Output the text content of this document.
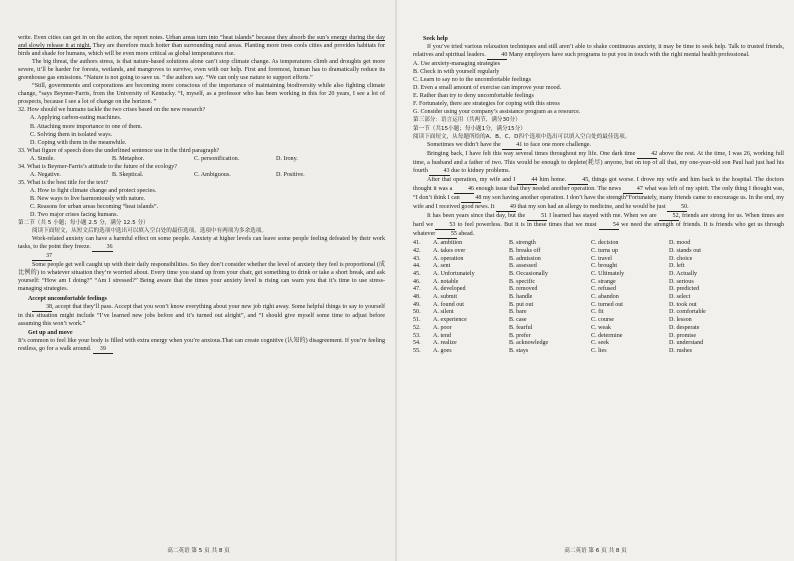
write. Even cities can get in on the action, the report notes. Urban areas turn into “heat islands” because they absorb the sun’s energy during the day and slowly release it at night. They are therefore much hotter than surrounding rural areas. Planting more trees cools cities and provides habitats for birds and shade for humans, which will be even more critical as global temperatures rise.

The big threat, the authors stress, is that nature-based solutions alone can’t stop climate change. As temperatures climb and droughts get more severe, it’ll be harder for forests, wetlands, and mangroves to survive, even with our help. First and foremost, human has to dramatically reduce its greenhouse gas emissions. “Nature is not going to save us. ” the authors say. “We can only use nature to support efforts.”

“Still, governments and corporations are becoming more conscious of the importance of maintaining biodiversity while also fighting climate change, “says Beymer-Farris, from the University of Kentucky. “I, myself, as a professor who has been working in this for 20 years, I see a lot of prospects, because I see a lot of change on the horizon. ”

32. How should we humans tackle the two crises based on the new research?

A. Applying carbon-eating machines.

B. Attaching more importance to one of them.

C. Solving them in isolated ways.

D. Coping with them in the meanwhile.

33. What figure of speech does the underlined sentence use in the third paragraph?

A. Simile.	B. Metaphor.	C. personification.	D. Irony.

34. What is Beymer-Farris’s attitude to the future of the ecology?

A. Negative.	B. Skeptical.	C. Ambiguous.	D. Positive.

35. What is the best title for the text?

A. How to fight climate change and protect species.

B. New ways to live harmoniously with nature.

C. Reasons for urban areas becoming “heat islands”.

D. Two major crises facing humans.

第二节（共 5 小题；每小题 2.5 分，满分 12.5 分）

阅读下面短文，从短文后的选项中选出可以填入空白处的最佳选项。选项中有两项为多余选项。

Work-related anxiety can have a harmful effect on some people. Anxiety at higher levels can leave some people feeling defeated by their work tasks, to the point they freeze.	36

37

Some people get well caught up with their daily responsibilities. So they don’t consider whether the level of anxiety they feel is proportional (成比例的) to whatever situation they’re worried about. Every time you stand up from your chair, get something to drink or take a short break, and ask yourself: “How am I doing?” “Am I stressed?” Being aware that the times your anxiety level is rising can warn you that it’s time to use stress-managing strategies.

Accept uncomfortable feelings

38, accept that they’ll pass. Accept that you won’t know everything about your new job right away. Some helpful things to say to yourself in this situation might include “I’ve learned new jobs before and it’s turned out alright”, and “I should give myself some time to adjust before assuming this won’t work.”

Get up and move

It’s common to feel like your body is filled with extra energy when you’re anxious.That can create cognitive (认知的) disagreement. If you’re feeling restless, go for a walk around. 39

高二英语 第 5 页 共 8 页

Seek help

If you’ve tried various relaxation techniques and still aren’t able to shake continuous anxiety, it may be time to seek help. Talk to trusted friends, relatives and spiritual leaders.	40 Many employers have such programs to put you in touch with the right mental health professional.

A. Use anxiety-managing strategies

B. Check in with yourself regularly

C. Learn to say no to the uncomfortable feelings

D. Even a small amount of exercise can improve your mood.

E. Rather than try to deny uncomfortable feelings

F. Fortunately, there are strategies for coping with this stress

G. Consider using your company’s assistance program as a resource.

第三部分：语言运用（共两节，满分30分）

第一节（共15小题；每小题1分，满分15分）

阅读下面短文，从每题所给的A、B、C、D四个选项中选出可以填入空白处的最佳选项。

Sometimes we didn’t have the	41 to face one more challenge.

Bringing back, I have felt this way several times throughout my life. One dark time	42 above the rest. At the time, I was 26, working full time, a husband and a father of two. This would be enough to deplete(耗尽) anyone, but on top of all that, my one-year-old son Paul had just had his fourth	43 due to kidney problems.

After that operation, my wife and I	44 him home.	45, things got worse. I drove my wife and him back to the hospital. The doctors thought it was a	46 enough issue that they needed another operation. The news	47 what was left of my spirit. The only thing I thought was, “I don’t think I can	48 my son having another operation. I don’t have the strength”Fortunately, many friends came to encourage us. In the end, my wife and I received good news. It	49 that my son had an allergy to medicine, and he would be just	50.

It has been years since that day, but the	51 I learned has stayed with me. When we are	52, friends are strong for us. When times are hard we	53 to feel powerless. But it is in these times that we must	54 we need the strength of friends. It is friends who get us through whatever	55 ahead.

41.	A. ambition	B. strength	C. decision	D. mood
42.	A. takes over	B. breaks off	C. turns up	D. stands out
43.	A. operation	B. admission	C. travel	D. choice
44.	A. sent	B. assessed	C. brought	D. left
45.	A. Unfortunately	B. Occasionally	C. Ultimately	D. Actually
46.	A. notable	B. specific	C. strange	D. serious
47.	A. developed	B. removed	C. refused	D. predicted
48.	A. submit	B. handle	C. abandon	D. select
49.	A. found out	B. put out	C. turned out	D. took out
50.	A. silent	B. bare	C. fit	D. comfortable
51.	A. experience	B. case	C. course	D. lesson
52.	A. poor	B. fearful	C. weak	D. desperate
53.	A. tend	B. prefer	C. determine	D. promise
54.	A. realize	B. acknowledge	C. seek	D. understand
55.	A. goes	B. stays	C. lies	D. rushes
高二英语 第 6 页 共 8 页
